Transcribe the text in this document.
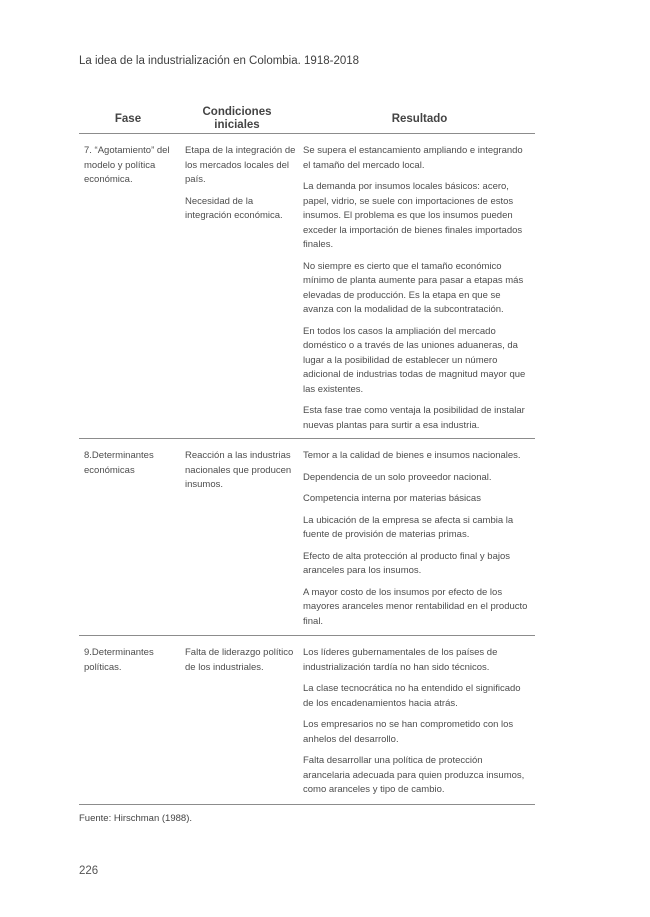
La idea de la industrialización en Colombia. 1918-2018
Fase
Condiciones iniciales	Resultado
7. “Agotamiento” del modelo y política económica.

Etapa de la integración de los mercados locales del país.

Necesidad de la integración económica.

Se supera el estancamiento ampliando e integrando el tamaño del mercado local.

La demanda por insumos locales básicos: acero, papel, vidrio, se suele con importaciones de estos insumos. El problema es que los insumos pueden exceder la importación de bienes finales importados finales.

No siempre es cierto que el tamaño económico mínimo de planta aumente para pasar a etapas más elevadas de producción. Es la etapa en que se avanza con la modalidad de la subcontratación.

En todos los casos la ampliación del mercado doméstico o a través de las uniones aduaneras, da lugar a la posibilidad de establecer un número adicional de industrias todas de magnitud mayor que las existentes.

Esta fase trae como ventaja la posibilidad de instalar nuevas plantas para surtir a esa industria.

8.Determinantes económicas

Reacción a las industrias nacionales que producen insumos.

Temor a la calidad de bienes e insumos nacionales.

Dependencia de un solo proveedor nacional.

Competencia interna por materias básicas

La ubicación de la empresa se afecta si cambia la fuente de provisión de materias primas.

Efecto de alta protección al producto final y bajos aranceles para los insumos.

A mayor costo de los insumos por efecto de los mayores aranceles menor rentabilidad en el producto final.

9.Determinantes políticas.

Falta de liderazgo político de los industriales.

Los líderes gubernamentales de los países de industrialización tardía no han sido técnicos.

La clase tecnocrática no ha entendido el significado de los encadenamientos hacia atrás.

Los empresarios no se han comprometido con los anhelos del desarrollo.

Falta desarrollar una política de protección arancelaria adecuada para quien produzca insumos, como aranceles y tipo de cambio.

Fuente: Hirschman (1988).
226
